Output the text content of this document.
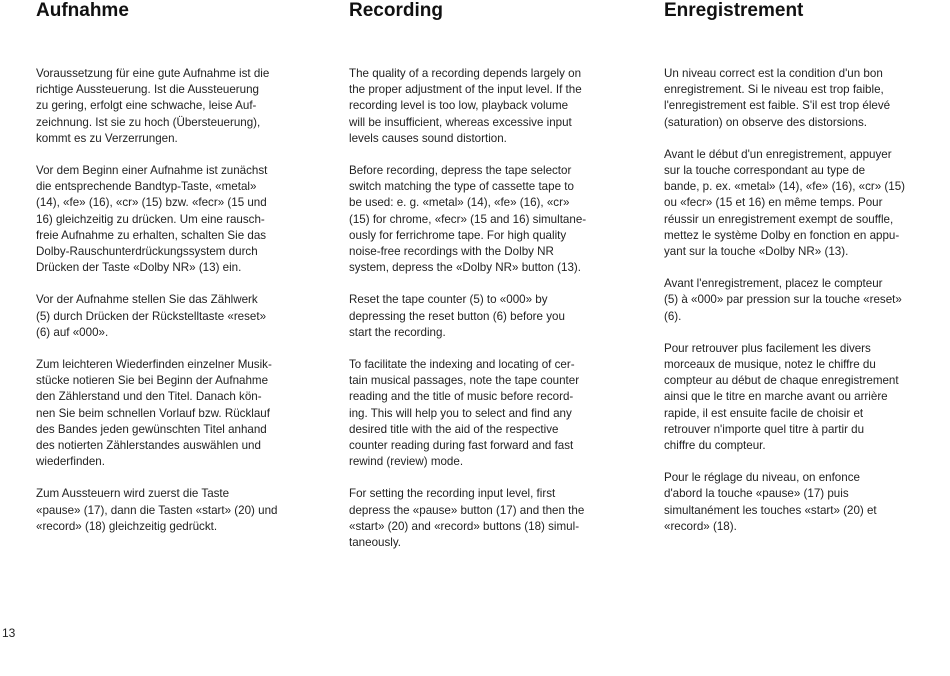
Aufnahme

Voraussetzung für eine gute Aufnahme ist die
richtige Aussteuerung. Ist die Aussteuerung
zu gering, erfolgt eine schwache, leise Auf-
zeichnung. Ist sie zu hoch (Übersteuerung),
kommt es zu Verzerrungen.

Vor dem Beginn einer Aufnahme ist zunächst
die entsprechende Bandtyp-Taste, «metal»
(14), «fe» (16), «cr» (15) bzw. «fecr» (15 und
16) gleichzeitig zu drücken. Um eine rausch-
freie Aufnahme zu erhalten, schalten Sie das
Dolby-Rauschunterdrückungssystem durch
Drücken der Taste «Dolby NR» (13) ein.

Vor der Aufnahme stellen Sie das Zählwerk
(5) durch Drücken der Rückstelltaste «reset»
(6) auf «000».

Zum leichteren Wiederfinden einzelner Musik-
stücke notieren Sie bei Beginn der Aufnahme
den Zählerstand und den Titel. Danach kön-
nen Sie beim schnellen Vorlauf bzw. Rücklauf
des Bandes jeden gewünschten Titel anhand
des notierten Zählerstandes auswählen und
wiederfinden.

Zum Aussteuern wird zuerst die Taste
«pause» (17), dann die Tasten «start» (20) und
«record» (18) gleichzeitig gedrückt.

Recording

The quality of a recording depends largely on
the proper adjustment of the input level. If the
recording level is too low, playback volume
will be insufficient, whereas excessive input
levels causes sound distortion.

Before recording, depress the tape selector
switch matching the type of cassette tape to
be used: e. g. «metal» (14), «fe» (16), «cr»
(15) for chrome, «fecr» (15 and 16) simultane-
ously for ferrichrome tape. For high quality
noise-free recordings with the Dolby NR
system, depress the «Dolby NR» button (13).

Reset the tape counter (5) to «000» by
depressing the reset button (6) before you
start the recording.

To facilitate the indexing and locating of cer-
tain musical passages, note the tape counter
reading and the title of music before record-
ing. This will help you to select and find any
desired title with the aid of the respective
counter reading during fast forward and fast
rewind (review) mode.

For setting the recording input level, first
depress the «pause» button (17) and then the
«start» (20) and «record» buttons (18) simul-
taneously.

Enregistrement

Un niveau correct est la condition d'un bon
enregistrement. Si le niveau est trop faible,
l'enregistrement est faible. S'il est trop élevé
(saturation) on observe des distorsions.

Avant le début d'un enregistrement, appuyer
sur la touche correspondant au type de
bande, p. ex. «metal» (14), «fe» (16), «cr» (15)
ou «fecr» (15 et 16) en même temps. Pour
réussir un enregistrement exempt de souffle,
mettez le système Dolby en fonction en appu-
yant sur la touche «Dolby NR» (13).

Avant l'enregistrement, placez le compteur
(5) à «000» par pression sur la touche «reset»
(6).

Pour retrouver plus facilement les divers
morceaux de musique, notez le chiffre du
compteur au début de chaque enregistrement
ainsi que le titre en marche avant ou arrière
rapide, il est ensuite facile de choisir et
retrouver n'importe quel titre à partir du
chiffre du compteur.

Pour le réglage du niveau, on enfonce
d'abord la touche «pause» (17) puis
simultanément les touches «start» (20) et
«record» (18).

13
